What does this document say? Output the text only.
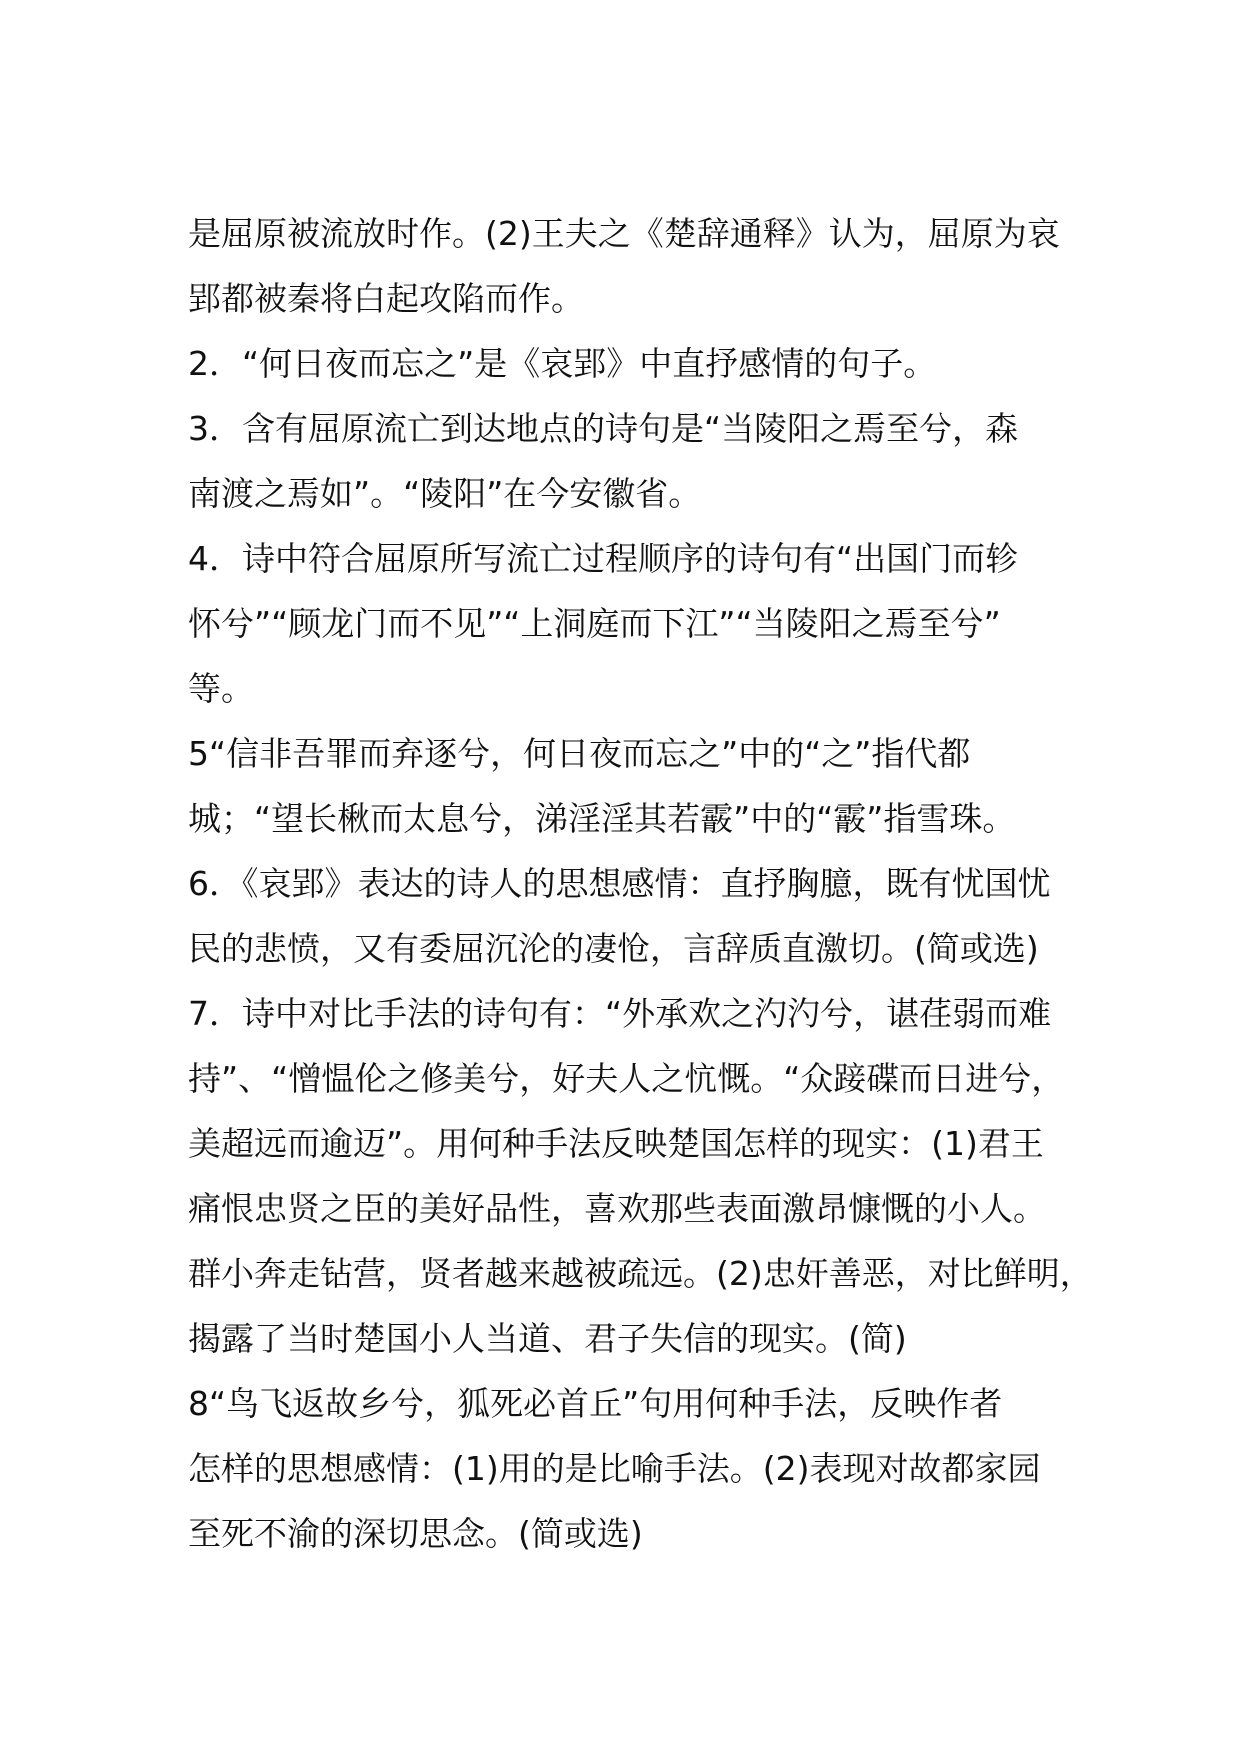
是屈原被流放时作。(2)王夫之《楚辞通释》认为，屈原为哀
郢都被秦将白起攻陷而作。
2．“何日夜而忘之”是《哀郢》中直抒感情的句子。
3．含有屈原流亡到达地点的诗句是“当陵阳之焉至兮，森
南渡之焉如”。“陵阳”在今安徽省。
4．诗中符合屈原所写流亡过程顺序的诗句有“出国门而轸
怀兮”“顾龙门而不见”“上洞庭而下江”“当陵阳之焉至兮”
等。
5“信非吾罪而弃逐兮，何日夜而忘之”中的“之”指代都
城；“望长楸而太息兮，涕淫淫其若霰”中的“霰”指雪珠。
6．《哀郢》表达的诗人的思想感情：直抒胸臆，既有忧国忧
民的悲愤，又有委屈沉沦的凄怆，言辞质直激切。(简或选)
7．诗中对比手法的诗句有：“外承欢之汋汋兮，谌荏弱而难
持”、“憎愠伦之修美兮，好夫人之忼慨。“众踥碟而日进兮，
美超远而逾迈”。用何种手法反映楚国怎样的现实：(1)君王
痛恨忠贤之臣的美好品性，喜欢那些表面激昂慷慨的小人。
群小奔走钻营，贤者越来越被疏远。(2)忠奸善恶，对比鲜明，
揭露了当时楚国小人当道、君子失信的现实。(简)
8“鸟飞返故乡兮，狐死必首丘”句用何种手法，反映作者
怎样的思想感情：(1)用的是比喻手法。(2)表现对故都家园
至死不渝的深切思念。(简或选)
